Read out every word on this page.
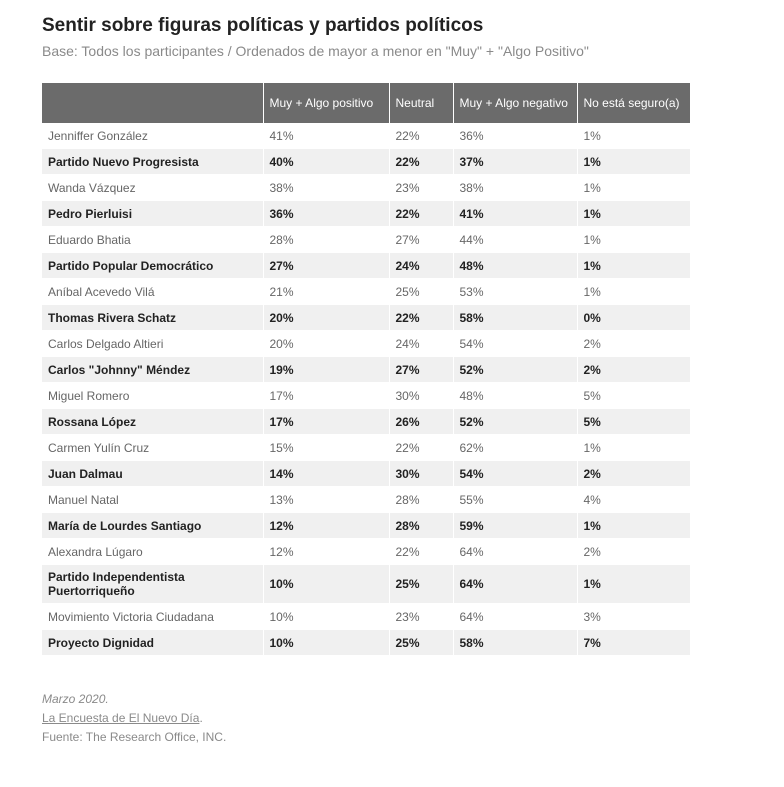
Sentir sobre figuras políticas y partidos políticos
Base: Todos los participantes / Ordenados de mayor a menor en "Muy" + "Algo Positivo"
	Muy + Algo positivo	Neutral	Muy + Algo negativo	No está seguro(a)
Jenniffer González	41%	22%	36%	1%
Partido Nuevo Progresista	40%	22%	37%	1%
Wanda Vázquez	38%	23%	38%	1%
Pedro Pierluisi	36%	22%	41%	1%
Eduardo Bhatia	28%	27%	44%	1%
Partido Popular Democrático	27%	24%	48%	1%
Aníbal Acevedo Vilá	21%	25%	53%	1%
Thomas Rivera Schatz	20%	22%	58%	0%
Carlos Delgado Altieri	20%	24%	54%	2%
Carlos "Johnny" Méndez	19%	27%	52%	2%
Miguel Romero	17%	30%	48%	5%
Rossana López	17%	26%	52%	5%
Carmen Yulín Cruz	15%	22%	62%	1%
Juan Dalmau	14%	30%	54%	2%
Manuel Natal	13%	28%	55%	4%
María de Lourdes Santiago	12%	28%	59%	1%
Alexandra Lúgaro	12%	22%	64%	2%
Partido Independentista Puertorriqueño	10%	25%	64%	1%
Movimiento Victoria Ciudadana	10%	23%	64%	3%
Proyecto Dignidad	10%	25%	58%	7%
Marzo 2020.
La Encuesta de El Nuevo Día.
Fuente: The Research Office, INC.
